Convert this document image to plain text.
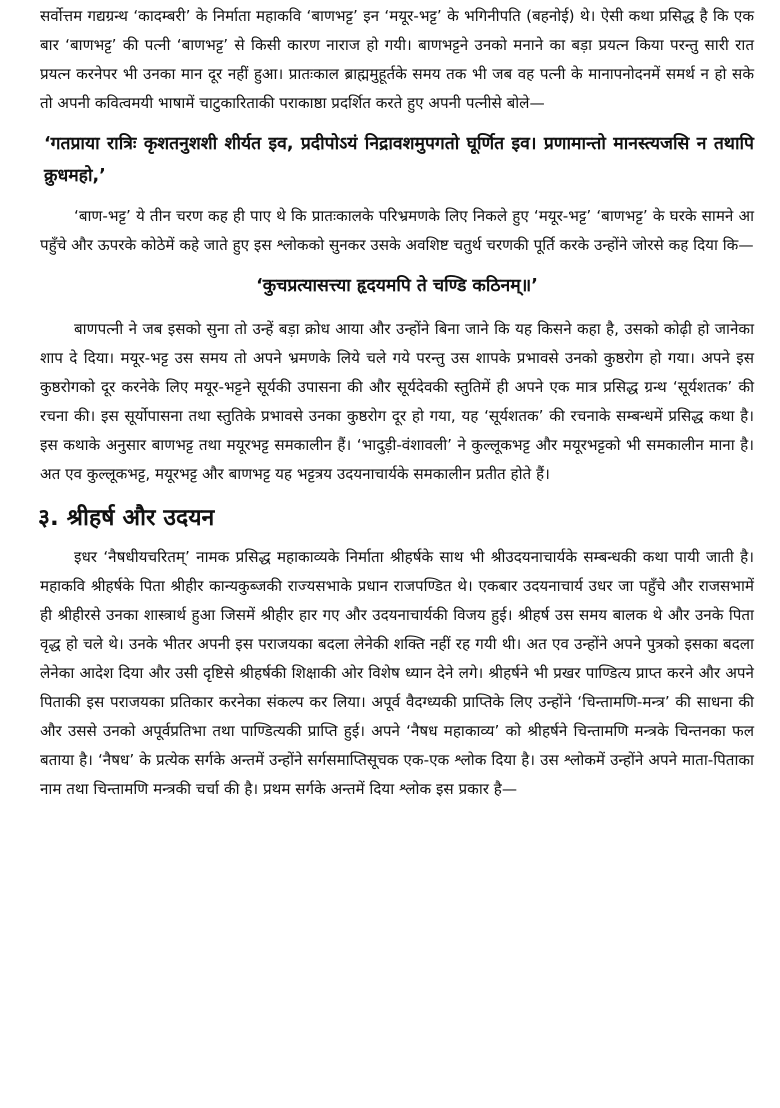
सर्वोत्तम गद्यग्रन्थ ‘कादम्बरी’ के निर्माता महाकवि ‘बाणभट्ट’ इन ‘मयूर-भट्ट’ के भगिनीपति (बहनोई) थे। ऐसी कथा प्रसिद्ध है कि एक बार ‘बाणभट्ट’ की पत्नी ‘बाणभट्ट’ से किसी कारण नाराज हो गयी। बाणभट्टने उनको मनाने का बड़ा प्रयत्न किया परन्तु सारी रात प्रयत्न करनेपर भी उनका मान दूर नहीं हुआ। प्रातःकाल ब्राह्ममुहूर्तके समय तक भी जब वह पत्नी के मानापनोदनमें समर्थ न हो सके तो अपनी कवित्वमयी भाषामें चाटुकारिताकी पराकाष्ठा प्रदर्शित करते हुए अपनी पत्नीसे बोले—

‘गतप्राया रात्रिः कृशतनुशशी शीर्यत इव, प्रदीपोऽयं निद्रावशमुपगतो घूर्णित इव। प्रणामान्तो मानस्त्यजसि न तथापि क्रुधमहो,’

‘बाण-भट्ट’ ये तीन चरण कह ही पाए थे कि प्रातःकालके परिभ्रमणके लिए निकले हुए ‘मयूर-भट्ट’ ‘बाणभट्ट’ के घरके सामने आ पहुँचे और ऊपरके कोठेमें कहे जाते हुए इस श्लोकको सुनकर उसके अवशिष्ट चतुर्थ चरणकी पूर्ति करके उन्होंने जोरसे कह दिया कि—

‘कुचप्रत्यासत्त्या हृदयमपि ते चण्डि कठिनम्॥’

बाणपत्नी ने जब इसको सुना तो उन्हें बड़ा क्रोध आया और उन्होंने बिना जाने कि यह किसने कहा है, उसको कोढ़ी हो जानेका शाप दे दिया। मयूर-भट्ट उस समय तो अपने भ्रमणके लिये चले गये परन्तु उस शापके प्रभावसे उनको कुष्ठरोग हो गया। अपने इस कुष्ठरोगको दूर करनेके लिए मयूर-भट्टने सूर्यकी उपासना की और सूर्यदेवकी स्तुतिमें ही अपने एक मात्र प्रसिद्ध ग्रन्थ ‘सूर्यशतक’ की रचना की। इस सूर्योपासना तथा स्तुतिके प्रभावसे उनका कुष्ठरोग दूर हो गया, यह ‘सूर्यशतक’ की रचनाके सम्बन्धमें प्रसिद्ध कथा है। इस कथाके अनुसार बाणभट्ट तथा मयूरभट्ट समकालीन हैं। ‘भादुड़ी-वंशावली’ ने कुल्लूकभट्ट और मयूरभट्टको भी समकालीन माना है। अत एव कुल्लूकभट्ट, मयूरभट्ट और बाणभट्ट यह भट्टत्रय उदयनाचार्यके समकालीन प्रतीत होते हैं।

३. श्रीहर्ष और उदयन

इधर ‘नैषधीयचरितम्’ नामक प्रसिद्ध महाकाव्यके निर्माता श्रीहर्षके साथ भी श्रीउदयनाचार्यके सम्बन्धकी कथा पायी जाती है। महाकवि श्रीहर्षके पिता श्रीहीर कान्यकुब्जकी राज्यसभाके प्रधान राजपण्डित थे। एकबार उदयनाचार्य उधर जा पहुँचे और राजसभामें ही श्रीहीरसे उनका शास्त्रार्थ हुआ जिसमें श्रीहीर हार गए और उदयनाचार्यकी विजय हुई। श्रीहर्ष उस समय बालक थे और उनके पिता वृद्ध हो चले थे। उनके भीतर अपनी इस पराजयका बदला लेनेकी शक्ति नहीं रह गयी थी। अत एव उन्होंने अपने पुत्रको इसका बदला लेनेका आदेश दिया और उसी दृष्टिसे श्रीहर्षकी शिक्षाकी ओर विशेष ध्यान देने लगे। श्रीहर्षने भी प्रखर पाण्डित्य प्राप्त करने और अपने पिताकी इस पराजयका प्रतिकार करनेका संकल्प कर लिया। अपूर्व वैदग्ध्यकी प्राप्तिके लिए उन्होंने ‘चिन्तामणि-मन्त्र’ की साधना की और उससे उनको अपूर्वप्रतिभा तथा पाण्डित्यकी प्राप्ति हुई। अपने ‘नैषध महाकाव्य’ को श्रीहर्षने चिन्तामणि मन्त्रके चिन्तनका फल बताया है। ‘नैषध’ के प्रत्येक सर्गके अन्तमें उन्होंने सर्गसमाप्तिसूचक एक-एक श्लोक दिया है। उस श्लोकमें उन्होंने अपने माता-पिताका नाम तथा चिन्तामणि मन्त्रकी चर्चा की है। प्रथम सर्गके अन्तमें दिया श्लोक इस प्रकार है—
